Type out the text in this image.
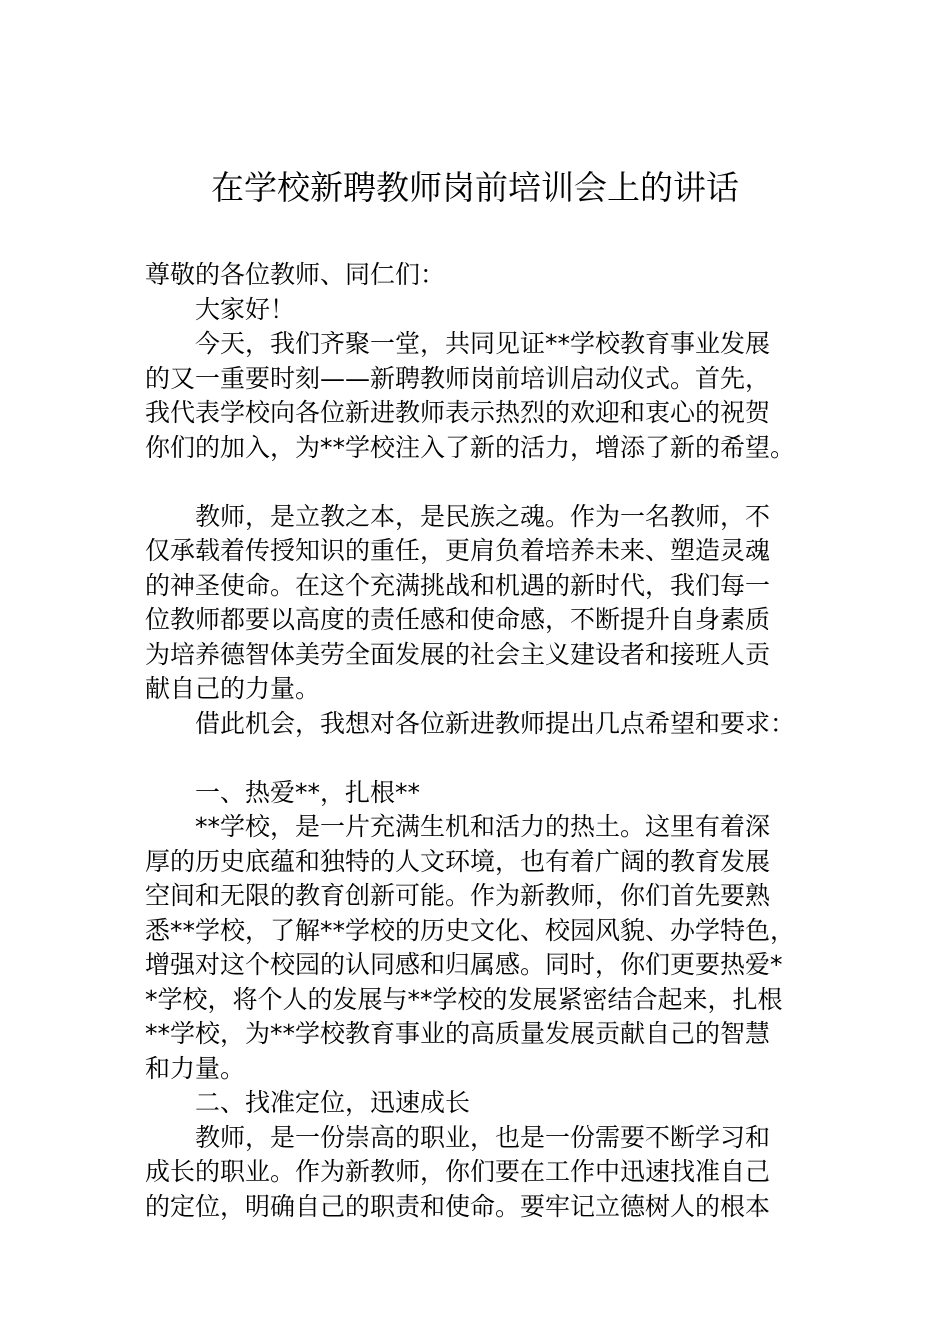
在学校新聘教师岗前培训会上的讲话
尊敬的各位教师、同仁们：
大家好！
今天，我们齐聚一堂，共同见证**学校教育事业发展
的又一重要时刻——新聘教师岗前培训启动仪式。首先，
我代表学校向各位新进教师表示热烈的欢迎和衷心的祝贺
你们的加入，为**学校注入了新的活力，增添了新的希望。
教师，是立教之本，是民族之魂。作为一名教师，不
仅承载着传授知识的重任，更肩负着培养未来、塑造灵魂
的神圣使命。在这个充满挑战和机遇的新时代，我们每一
位教师都要以高度的责任感和使命感，不断提升自身素质
为培养德智体美劳全面发展的社会主义建设者和接班人贡
献自己的力量。
借此机会，我想对各位新进教师提出几点希望和要求：
一、热爱**，扎根**
**学校，是一片充满生机和活力的热土。这里有着深
厚的历史底蕴和独特的人文环境，也有着广阔的教育发展
空间和无限的教育创新可能。作为新教师，你们首先要熟
悉**学校，了解**学校的历史文化、校园风貌、办学特色，
增强对这个校园的认同感和归属感。同时，你们更要热爱*
*学校，将个人的发展与**学校的发展紧密结合起来，扎根
**学校，为**学校教育事业的高质量发展贡献自己的智慧
和力量。
二、找准定位，迅速成长
教师，是一份崇高的职业，也是一份需要不断学习和
成长的职业。作为新教师，你们要在工作中迅速找准自己
的定位，明确自己的职责和使命。要牢记立德树人的根本
